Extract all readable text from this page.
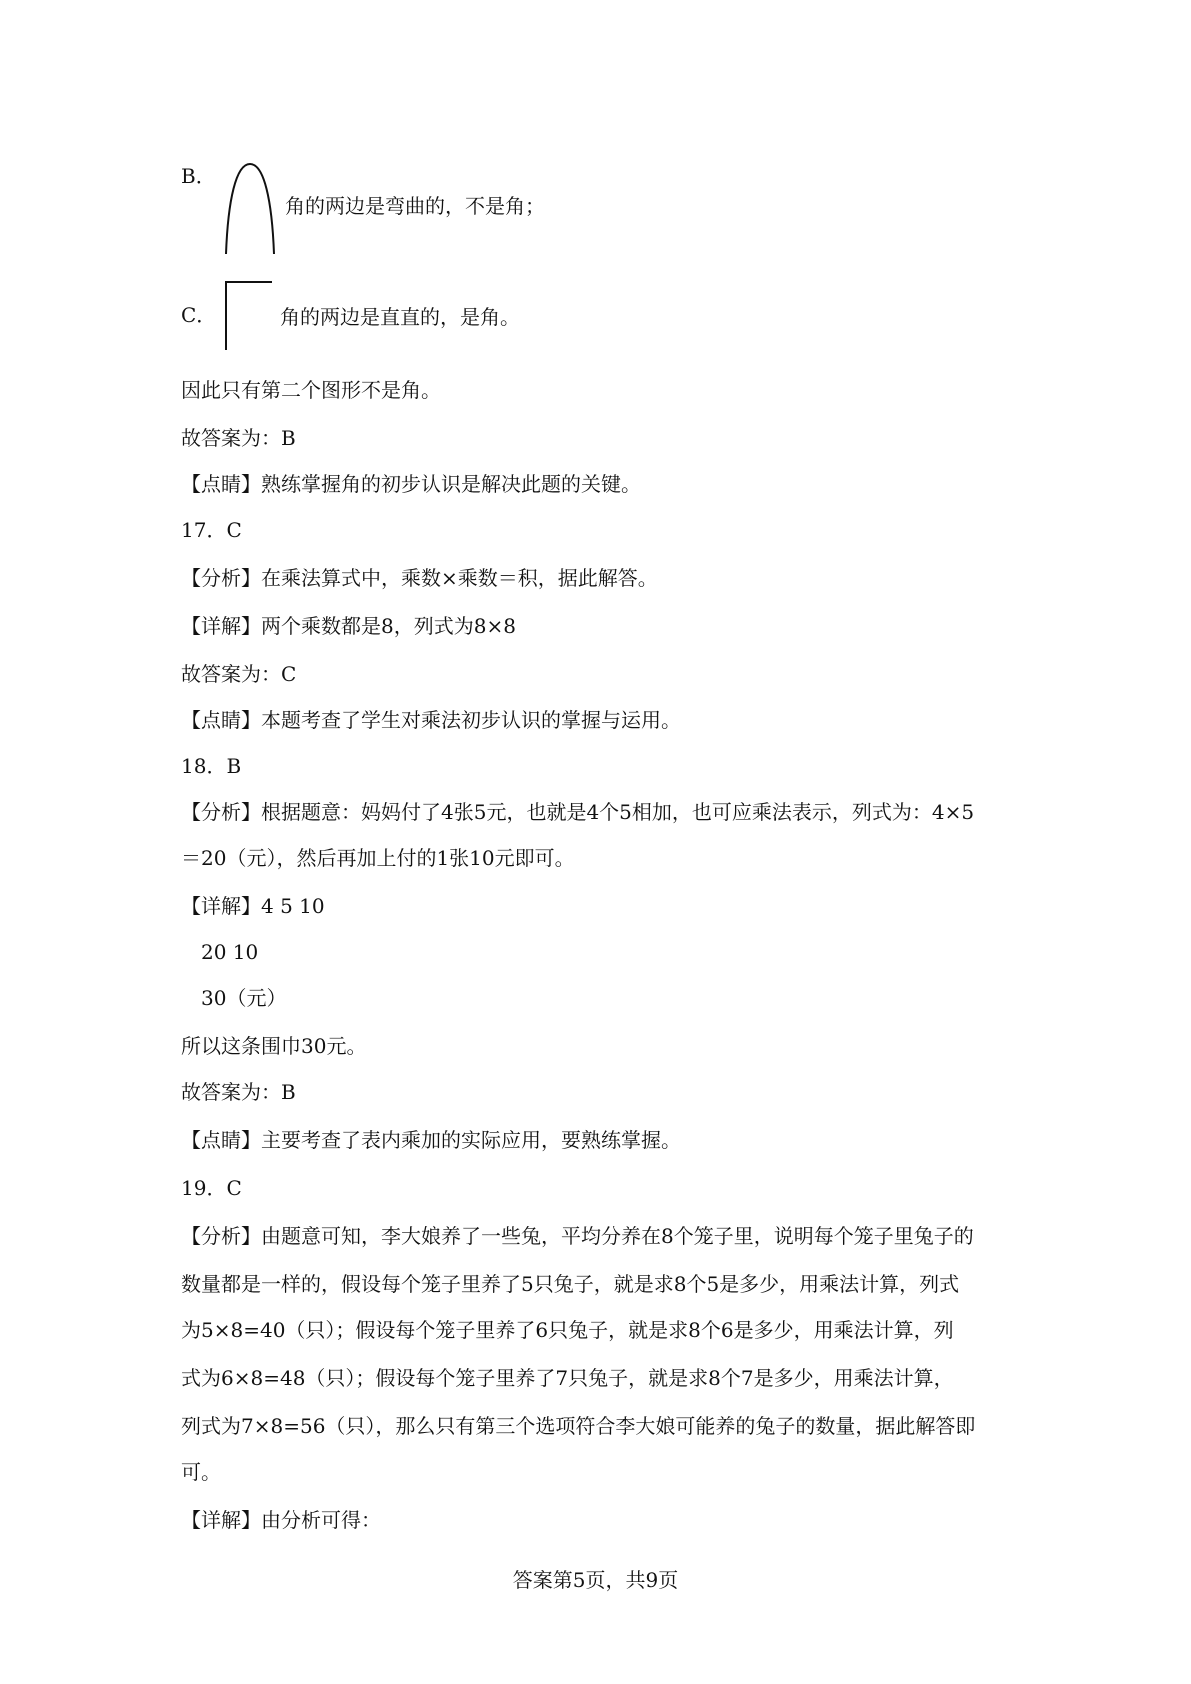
B．
角的两边是弯曲的，不是角；
C．	角的两边是直直的，是角。
因此只有第二个图形不是角。
故答案为：B
【点睛】熟练掌握角的初步认识是解决此题的关键。
17．C
【分析】在乘法算式中，乘数×乘数＝积，据此解答。
【详解】两个乘数都是8，列式为8×8
故答案为：C
【点睛】本题考查了学生对乘法初步认识的掌握与运用。
18．B
【分析】根据题意：妈妈付了4张5元，也就是4个5相加，也可应乘法表示，列式为：4×5
＝20（元），然后再加上付的1张10元即可。
【详解】4 5 10
20 10
30（元）
所以这条围巾30元。
故答案为：B
【点睛】主要考查了表内乘加的实际应用，要熟练掌握。
19．C
【分析】由题意可知，李大娘养了一些兔，平均分养在8个笼子里，说明每个笼子里兔子的
数量都是一样的，假设每个笼子里养了5只兔子，就是求8个5是多少，用乘法计算，列式
为5×8=40（只）；假设每个笼子里养了6只兔子，就是求8个6是多少，用乘法计算，列
式为6×8=48（只）；假设每个笼子里养了7只兔子，就是求8个7是多少，用乘法计算，
列式为7×8=56（只），那么只有第三个选项符合李大娘可能养的兔子的数量，据此解答即
可。
【详解】由分析可得：
答案第5页，共9页
